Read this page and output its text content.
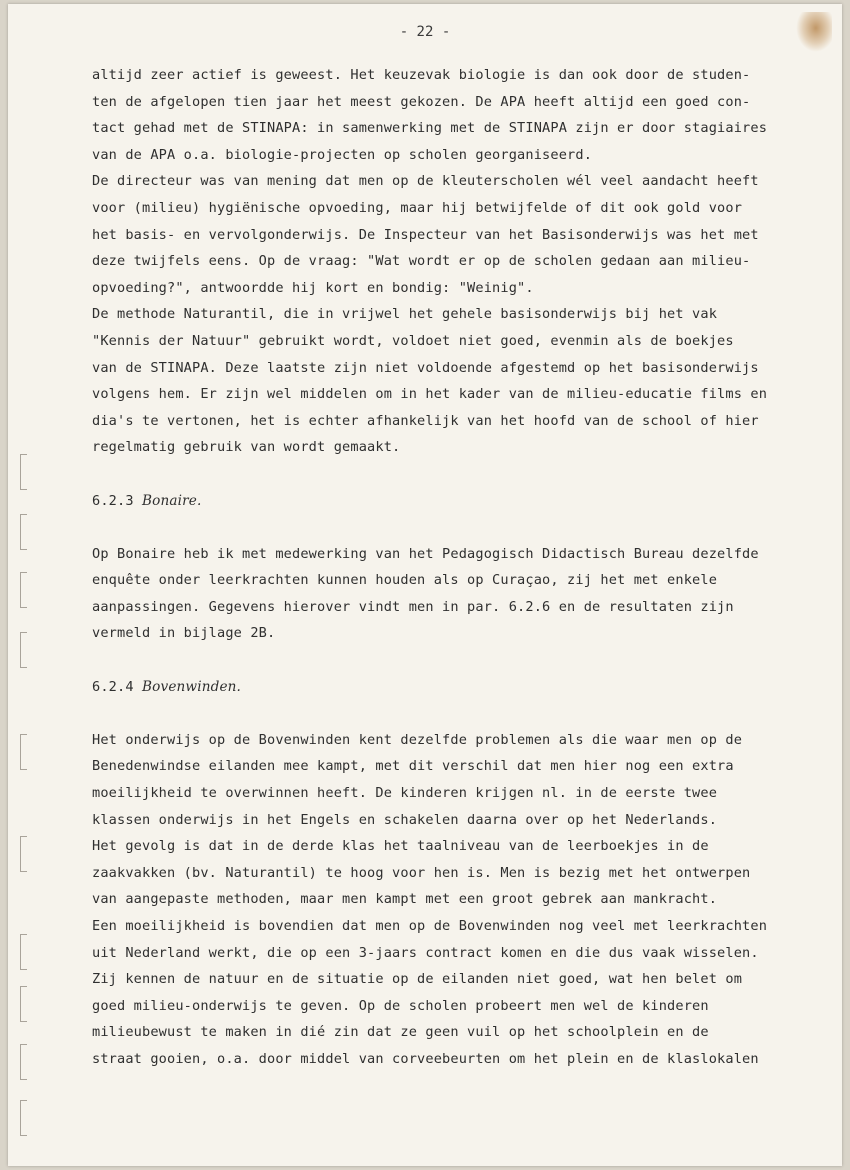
- 22 -
altijd zeer actief is geweest. Het keuzevak biologie is dan ook door de studen-
ten de afgelopen tien jaar het meest gekozen. De APA heeft altijd een goed con-
tact gehad met de STINAPA: in samenwerking met de STINAPA zijn er door stagiaires
van de APA o.a. biologie-projecten op scholen georganiseerd.
De directeur was van mening dat men op de kleuterscholen wél veel aandacht heeft
voor (milieu) hygiënische opvoeding, maar hij betwijfelde of dit ook gold voor
het basis- en vervolgonderwijs. De Inspecteur van het Basisonderwijs was het met
deze twijfels eens. Op de vraag: "Wat wordt er op de scholen gedaan aan milieu-
opvoeding?", antwoordde hij kort en bondig: "Weinig".
De methode Naturantil, die in vrijwel het gehele basisonderwijs bij het vak
"Kennis der Natuur" gebruikt wordt, voldoet niet goed, evenmin als de boekjes
van de STINAPA. Deze laatste zijn niet voldoende afgestemd op het basisonderwijs
volgens hem. Er zijn wel middelen om in het kader van de milieu-educatie films en
dia's te vertonen, het is echter afhankelijk van het hoofd van de school of hier
regelmatig gebruik van wordt gemaakt.
6.2.3 Bonaire.
Op Bonaire heb ik met medewerking van het Pedagogisch Didactisch Bureau dezelfde
enquête onder leerkrachten kunnen houden als op Curaçao, zij het met enkele
aanpassingen. Gegevens hierover vindt men in par. 6.2.6 en de resultaten zijn
vermeld in bijlage 2B.
6.2.4 Bovenwinden.
Het onderwijs op de Bovenwinden kent dezelfde problemen als die waar men op de
Benedenwindse eilanden mee kampt, met dit verschil dat men hier nog een extra
moeilijkheid te overwinnen heeft. De kinderen krijgen nl. in de eerste twee
klassen onderwijs in het Engels en schakelen daarna over op het Nederlands.
Het gevolg is dat in de derde klas het taalniveau van de leerboekjes in de
zaakvakken (bv. Naturantil) te hoog voor hen is. Men is bezig met het ontwerpen
van aangepaste methoden, maar men kampt met een groot gebrek aan mankracht.
Een moeilijkheid is bovendien dat men op de Bovenwinden nog veel met leerkrachten
uit Nederland werkt, die op een 3-jaars contract komen en die dus vaak wisselen.
Zij kennen de natuur en de situatie op de eilanden niet goed, wat hen belet om
goed milieu-onderwijs te geven. Op de scholen probeert men wel de kinderen
milieubewust te maken in dié zin dat ze geen vuil op het schoolplein en de
straat gooien, o.a. door middel van corveebeurten om het plein en de klaslokalen
